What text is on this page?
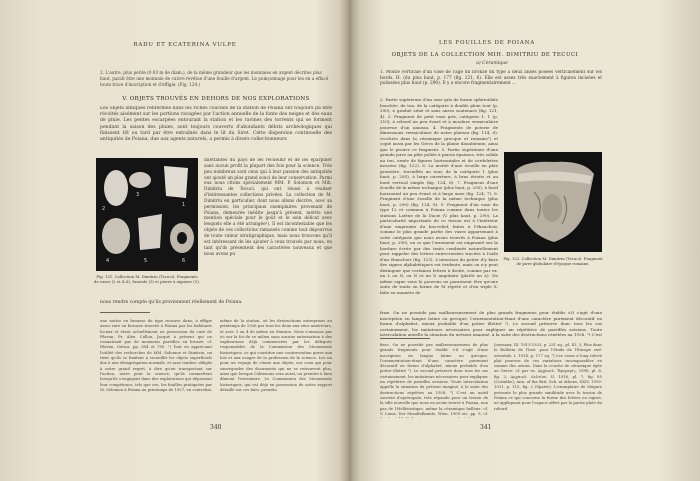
RADU ET ECATERINA VULPE
2. L'autre, plus petite (0.93 m de diam.), de la même grandeur que les monnaies en argent décrites plus haut, paraît être une monnaie de cuivre revêtue d'une feuille d'argent. Le poinçonnage pour les en a effacé toute trace d'inscription et d'effigie. (Fig. 124.)
V. OBJETS TROUVÉS EN DEHORS DE NOS EXPLORATIONS
Les objets antiques renfermés dans les riches couches de la station de Poiana ont toujours pu être récoltés aisément sur les portions ravagées par l'action annuelle de la fonte des neiges et des eaux de pluie. Les pentes escarpées entourant la station et les ravines des torrents qui se forment pendant la saison des pluies, sont toujours couverts d'abondants débris archéologiques qui finissent tôt ou tard par être entraînés dans le lit du Siret. Cette dispersion continuelle des antiquités de Poiana, due aux agents naturels, a permis à divers collectionneurs
2
3
1
4	5	6
Fig. 121. Collection M. Dimitriu (Tecuci). Fragments de vases (2 et 4–6), fusaiole (3) et pierre à aiguiser (1).
dilettantes du pays de les recueillir et de les éparpiller sans aucun profit la plupart des fois pour la science. Très peu nombreux sont ceux qui à leur passion des antiquités ont ajouté un plus grand souci de leur conservation. Parmi eux nous citons spécialement MM. P. Solomon et Mih. Dimitriu de Tecuci, qui ont réussi à réaliser d'intéressantes collections privées. La collection de M. Dimitriu en particulier, dont nous allons décrire, avec sa permission, les principaux exemplaires provenant de Poiana, demeurée inédite jusqu'à présent, mérite une mention spéciale pour le goût et le soin délicat avec lesquels elle a été arrangée¹). Il est incontestable que les objets de ces collections ramassés comme tout dépourvus de toute valeur stratigraphique, mais nous trouvons qu'il est intéressant de les ajouter à ceux trouvés par nous, en tant qu'ils présentent des caractères nouveaux et que nous avons pu
nous rendre compte qu'ils proviennent réellement de Poiana.
une notice en brousse du type roucave dans; à effigie assez rare en brousse trouvée à Poiana par les habitants locaux et étant actuellement en possession du curé de Pârvan, Pr. Alex. Callon, Jacqué à présent qui ne connaissait pas de monnaies pareilles en bronze: cf. Pârvan, Getica. pp. 604 et 790. ¹) Tout en appréciant l'utilité des recherches de MM. Solomon et Dimitriu, on tient qu'ils se limitent à recueillir les objets superficiels dus à une désagrégation normale, et sans tomber, obligés à notre grand regret, à dire qu'en transportant sur l'action, notre pour la science, qu'ils commettent lorsqu'ils s'engagent dans des explorations qui dépassent leur compétence, tels que ces, les fouilles pratiquées par M. Solomon à Poiana au printemps de 1927, en contrebas
même de la station, où les destructions entreprises au printemps de 1926 par tous les deux aux sites antérieurs, et avec 3 ou 4 de même au Stanton. Nous n'aimions pas ici sur la foi de ce milieu sans aucune autorisation à des explorations déjà commencées par les délégués responsables de la Commission des Monuments historiques, ce qui constitue une contravention grave aux lois et aux usages de la profession de la science. Les un pour un voyage de classe aux objets, sur ceux qui pour sauvegarder des documents qui ne se retrouvent plus, ainsi que lorsque l'obtenons sera aussi, un prendre à bien dûment l'inventaire. Le Commission des Monuments historiques, qui est déjà en possession de notes rapport détaillé sur ces faits, prendra
340
LES FOUILLES DE POIANA
OBJETS DE LA COLLECTION MIH. DIMITRIU DE TECUCI
a) Céramique
1. Moitié verticale d'un vase de l'âge du bronze du type à deux anses posées verticalement sur les bords. H. (du plus haut, p. 177 (fig. 121, 6). Elle est assez très exactement à figures incisées et polissées plus haut (p. 290). Il y a encore fragmentairement ...
2. Partie supérieure d'un vase gris de forme sphéroïdale bouchée, de ton, de la catégorie à double plein tout (p. 290), à gradué situé et sans anses soutenues (fig. 121, 4). 3. Fragment de petit vase gris, catégorie 1. 1 (p. 210), à rebord un peu évasé et à moulure vermiculaire pourvue d'un anneau. 4. Fragments de poterie de dimensions vermiculaire de notre plateau (fig. 114, 6), crochets dans la céramique grecque et romaine¹) et copié aussi par les Grecs de la plaine danubienne, ainsi que le prouve ce fragment. 5. Partie supérieure d'une grande jarre au pâte poliée à parois épaisses, très solide au ton, ornée de figures horizontales et de cordelettes incisées (fig. 122). 6. La moitié d'une écuelle en pâte grossière, travaillée au tour, de la catégorie 1 (plus haut, p. 295), à large ouverture, à bras étroits et au bord vertical simple (fig. 124, 6). 7. Fragment d'une écuelle de la même technique (plus haut, p. 295), à bord horizontal un peu évasé et à large anse (fig. 124, 7). 8. Fragment d'une écuelle de la même technique (plus haut, p. 290) (fig. 124, 8). 9. Fragment d'un vase du type 12 et commun à Poiana comme dans toutes les stations Latène de la Dacie (V. plus haut, p. 290). La particularité importante de ce tesson est à l'intérieur d'une empreinte du bas-relief, faites à l'ébauchoir, comme le plus grande partie des vases appartenant à cette catégorie que nous avons trouvés à Poiana (plus haut, p. 290), en ce que l'ornement est emprunté sur la bordure écrite par des traits combinés naturellement pour rappeler des lettres entrecroisées tracées à l'aide d'un ébauchoir (fig. 123). L'intention du potier d'y faire des signes alphabétiques est évidente, mais on n'y peut distinguer que certaines lettres à droite, comme par ex. un L ou N, ou N et un D angulaire (plutôt un Δ). Du même signe vous le pouvons ne paraissent être qu'une suite de traits en forme de M répété et d'un triple X, faite en manière de
Fig. 122. Collection M. Dimitriu (Tecuci). Fragment de jarre globulaire d'époque romaine.
frise. On ne possède pas malheureusement de plus grands fragments pour établir s'il s'agit d'une inscription en langue latine ou grecque, l'ornementation-étant d'une caractère purement décoratif en forme d'alphabet, mieux probable d'un potier illettré ²). Le second préserve donc tous les cas certainement, les imitateurs nécessaires pour expliquer un répétitive de pareilles avisions. Toute intercalation appelle la situation du présent imaginé, à la suite des destructions répétées au 1928. ³) C'est
frise. On ne possède pas malheureusement de plus grands fragments pour établir s'il s'agit d'une inscription en langue latine ou grecque, l'ornementation-étant d'une caractère purement décoratif en forme d'alphabet, mieux probable d'un potier illettré ²). Le second préserve donc tous les cas certainement, les imitateurs nécessaires pour expliquer un répétitive de pareilles avisions. Toute intercalation appelle la situation du présent imaginé, à la suite des destructions répétées au 1928. ³) C'est un motif souvent d'apotropaïe, très répandu pour un tesson de la ville nouvelle que nous en avons trouvé à Poiana, non pas de l'Hellénistique, même la céramique hellène: cf. V. Canis, Der Mondfolkunde, Wien, 1909 etc. pp. 9, cf.
Journaux, III. 1913-1923, p. 231 sq., pl. III, 3; Plus dans le Bulletin de l'Inst. pour l'étude de l'Europe sud-orientale, I. 1914, p. 177 sq. ⁵) Les vases à long relevé plat pourvus de ces variations incomparables en somme des avions. Dans la couche de céramique égée au Grèce: cf. par ex. Αρχαιολ. Έφημερίς, 1898, pl. 6, fig. 2; Αρχαιολ. Δελτίον, II. 1916, pl. 7, fig. 85 (Corinthe); Ann. of the Brit. Sch. at Athens, XXIV, 1919-1921, p. 115, fig. 2 (Sparte). L'exemplaire de Mégare présente le plus grande similitude avec le tesson de Poiana ce qui concerne la forme des lettres ou signes, ne appliquant pour l'espace offert par la partie plate du rebord.
341
